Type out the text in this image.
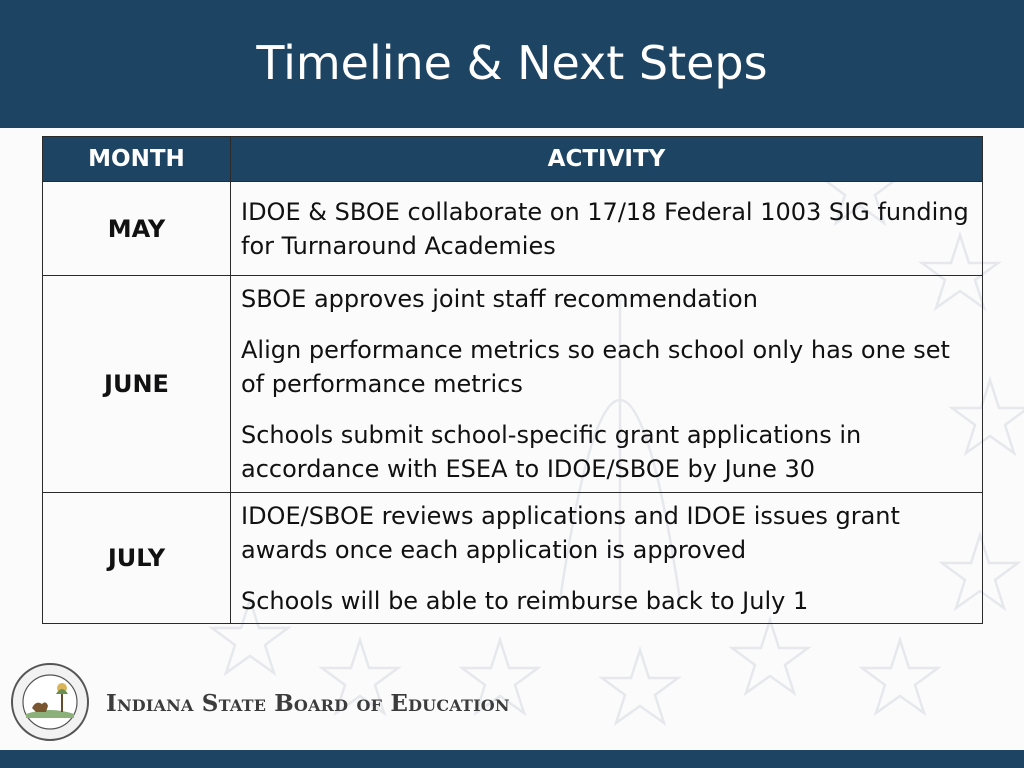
Timeline & Next Steps
MONTH	ACTIVITY
MAY	IDOE & SBOE collaborate on 17/18 Federal 1003 SIG funding for Turnaround Academies

JUNE	SBOE approves joint staff recommendation

Align performance metrics so each school only has one set of performance metrics

Schools submit school-specific grant applications in accordance with ESEA to IDOE/SBOE by June 30

JULY	IDOE/SBOE reviews applications and IDOE issues grant awards once each application is approved

Schools will be able to reimburse back to July 1

Indiana State Board of Education
